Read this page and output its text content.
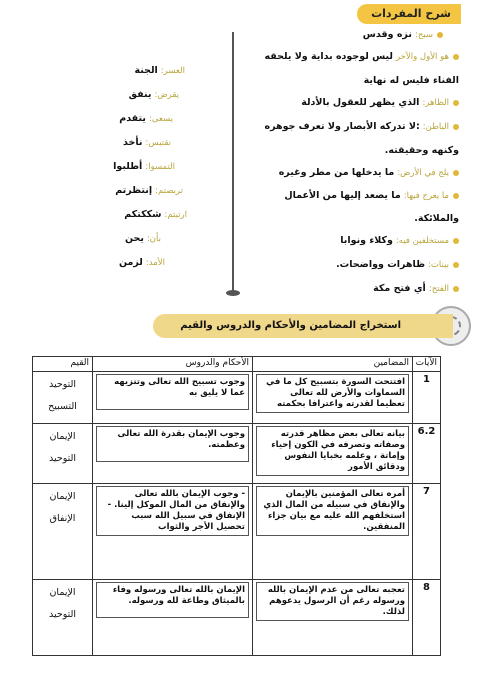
شرح المفردات
سبح: نزه وقدس
هو الأول والآخر ليس لوجوده بداية ولا يلحقه
الفناء فليس له نهاية
الظاهر: الذي يظهر للعقول بالأدلة
الباطن: :لا تدركه الأبصار ولا تعرف جوهره
وكنهه وحقيقته.
يلج في الأرض: ما يدخلها من مطر وغيره
ما يعرج فيها: ما يصعد إليها من الأعمال
والملائكة.
مستخلفين فيه: وكلاء ونوابا
بينات: ظاهرات وواضحات.
الفتح: أي فتح مكة
العسر: الجنة
يقرض: ينفق
يسعى: يتقدم
نقتبس: نأخذ
التمسوا: أطلبوا
تربصتم: إنتظرتم
ارتبتم: شككتكم
بأن: يحن
الأمد: لزمن
استخراج المضامين والأحكام والدروس والقيم
الآيات	المضامين	الأحكام والدروس	القيم
1	افتتحت السورة بتسبيح كل ما في السماوات والأرض لله تعالى تعظيما لقدرته واعترافا بحكمته	وجوب تسبيح الله تعالى وتنزيهه عما لا يليق به	التوحيد
التسبيح

6.2	بيانه تعالى بعض مظاهر قدرته وصفاته وتصرفه في الكون إحياء وإماتة ، وعلمه بخبايا النفوس ودقائق الأمور	وجوب الإيمان بقدرة الله تعالى وعظمته.	الإيمان
التوحيد

7	أمره تعالى المؤمنين بالإيمان والإنفاق في سبيله من المال الذي استخلفهم الله عليه مع بيان جزاء المنفقين.	- وجوب الإيمان بالله تعالى والإنفاق من المال الموكل إلينا. - الإنفاق في سبيل الله سبب تحصيل الأجر والثواب	الإيمان
الإنفاق

8	تعجبه تعالى من عدم الإيمان بالله ورسوله رغم أن الرسول يدعوهم لذلك.	الإيمان بالله تعالى ورسوله وفاء بالميثاق وطاعة لله ورسوله.	الإيمان
التوحيد
